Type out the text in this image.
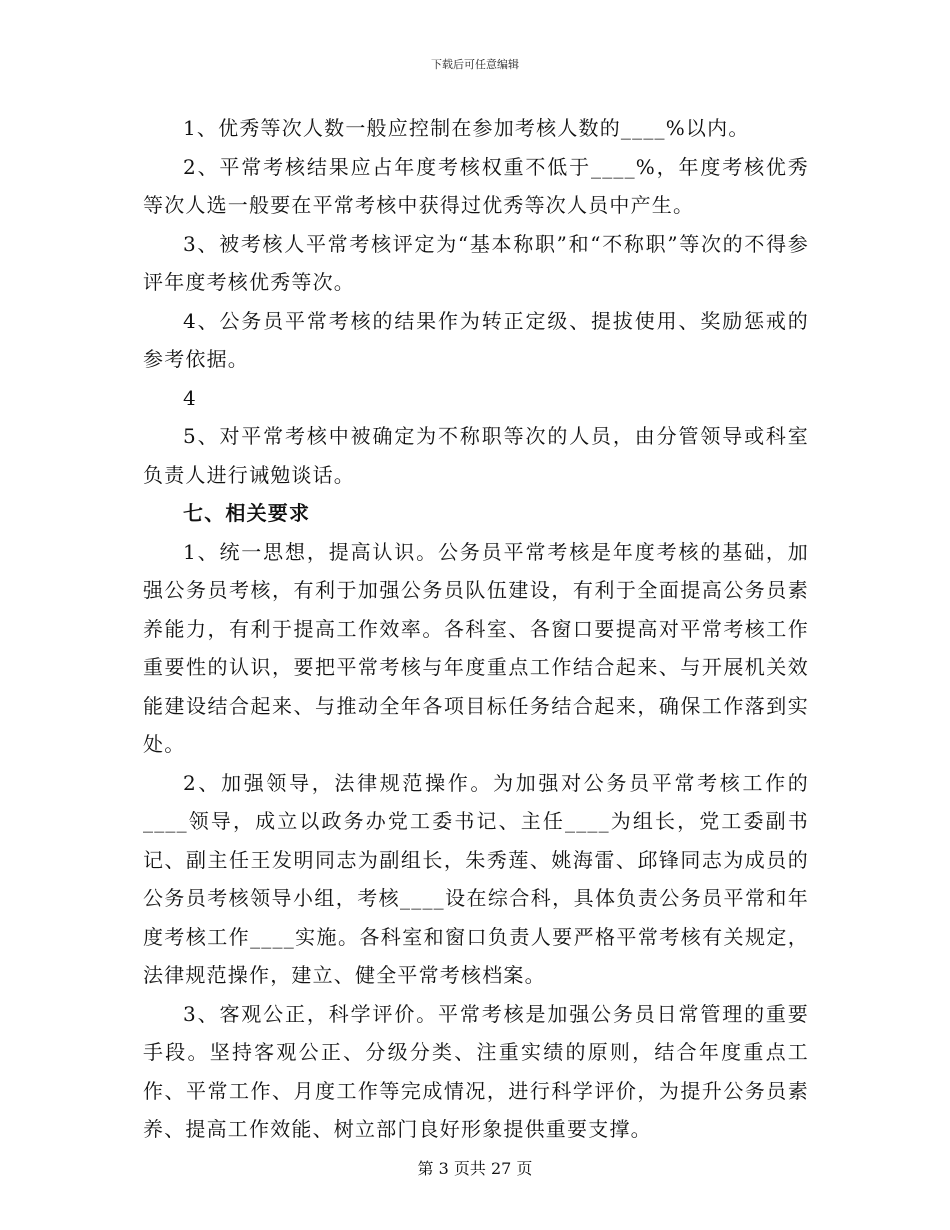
下载后可任意编辑

1、优秀等次人数一般应控制在参加考核人数的____%以内。

2、平常考核结果应占年度考核权重不低于____%，年度考核优秀等次人选一般要在平常考核中获得过优秀等次人员中产生。

3、被考核人平常考核评定为“基本称职”和“不称职”等次的不得参评年度考核优秀等次。

4、公务员平常考核的结果作为转正定级、提拔使用、奖励惩戒的参考依据。

4

5、对平常考核中被确定为不称职等次的人员，由分管领导或科室负责人进行诫勉谈话。

七、相关要求

1、统一思想，提高认识。公务员平常考核是年度考核的基础，加强公务员考核，有利于加强公务员队伍建设，有利于全面提高公务员素养能力，有利于提高工作效率。各科室、各窗口要提高对平常考核工作重要性的认识，要把平常考核与年度重点工作结合起来、与开展机关效能建设结合起来、与推动全年各项目标任务结合起来，确保工作落到实处。

2、加强领导，法律规范操作。为加强对公务员平常考核工作的____领导，成立以政务办党工委书记、主任____为组长，党工委副书记、副主任王发明同志为副组长，朱秀莲、姚海雷、邱锋同志为成员的公务员考核领导小组，考核____设在综合科，具体负责公务员平常和年度考核工作____实施。各科室和窗口负责人要严格平常考核有关规定，法律规范操作，建立、健全平常考核档案。

3、客观公正，科学评价。平常考核是加强公务员日常管理的重要手段。坚持客观公正、分级分类、注重实绩的原则，结合年度重点工作、平常工作、月度工作等完成情况，进行科学评价，为提升公务员素养、提高工作效能、树立部门良好形象提供重要支撑。

第 3 页共 27 页
